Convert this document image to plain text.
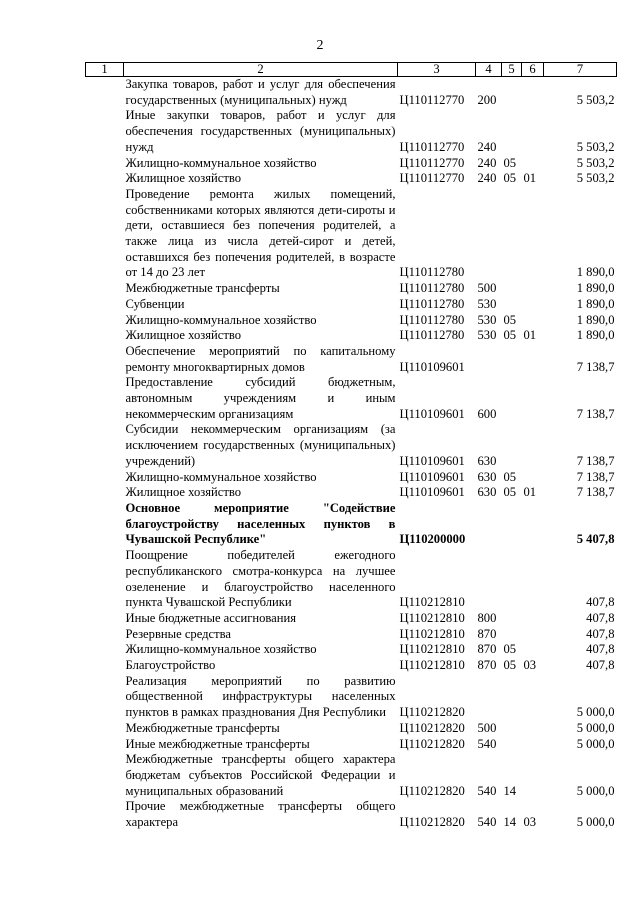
2
1	2	3	4	5	6	7
	Закупка товаров, работ и услуг для обеспечения государственных (муниципальных) нужд	Ц110112770	200			5 503,2
	Иные закупки товаров, работ и услуг для обеспечения государственных (муниципальных) нужд	Ц110112770	240			5 503,2
	Жилищно-коммунальное хозяйство	Ц110112770	240	05		5 503,2
	Жилищное хозяйство	Ц110112770	240	05	01	5 503,2
	Проведение ремонта жилых помещений, собственниками которых являются дети-сироты и дети, оставшиеся без попечения родителей, а также лица из числа детей-сирот и детей, оставшихся без попечения родителей, в возрасте от 14 до 23 лет	Ц110112780				1 890,0
	Межбюджетные трансферты	Ц110112780	500			1 890,0
	Субвенции	Ц110112780	530			1 890,0
	Жилищно-коммунальное хозяйство	Ц110112780	530	05		1 890,0
	Жилищное хозяйство	Ц110112780	530	05	01	1 890,0
	Обеспечение мероприятий по капитальному ремонту многоквартирных домов	Ц110109601				7 138,7
	Предоставление субсидий бюджетным, автономным учреждениям и иным некоммерческим организациям	Ц110109601	600			7 138,7
	Субсидии некоммерческим организациям (за исключением государственных (муниципальных) учреждений)	Ц110109601	630			7 138,7
	Жилищно-коммунальное хозяйство	Ц110109601	630	05		7 138,7
	Жилищное хозяйство	Ц110109601	630	05	01	7 138,7
	Основное мероприятие "Содействие благоустройству населенных пунктов в Чувашской Республике"	Ц110200000				5 407,8
	Поощрение победителей ежегодного республиканского смотра-конкурса на лучшее озеленение и благоустройство населенного пункта Чувашской Республики	Ц110212810				407,8
	Иные бюджетные ассигнования	Ц110212810	800			407,8
	Резервные средства	Ц110212810	870			407,8
	Жилищно-коммунальное хозяйство	Ц110212810	870	05		407,8
	Благоустройство	Ц110212810	870	05	03	407,8
	Реализация мероприятий по развитию общественной инфраструктуры населенных пунктов в рамках празднования Дня Республики	Ц110212820				5 000,0
	Межбюджетные трансферты	Ц110212820	500			5 000,0
	Иные межбюджетные трансферты	Ц110212820	540			5 000,0
	Межбюджетные трансферты общего характера бюджетам субъектов Российской Федерации и муниципальных образований	Ц110212820	540	14		5 000,0
	Прочие межбюджетные трансферты общего характера	Ц110212820	540	14	03	5 000,0
